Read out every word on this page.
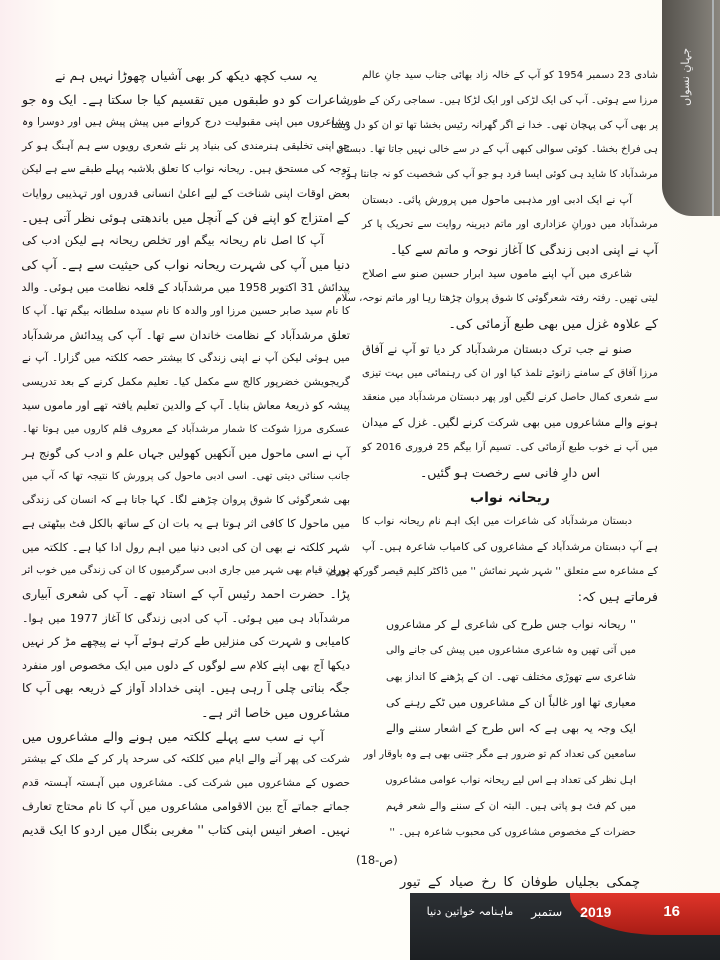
جہانِ نسواں
یہ سب کچھ دیکھ کر بھی آشیاں چھوڑا نہیں ہم نے
شاعرات کو دو طبقوں میں تقسیم کیا جا سکتا ہے۔ ایک وہ جو
مشاعروں میں اپنی مقبولیت درج کروانے میں پیش پیش ہیں اور دوسرا وہ
جو اپنی تخلیقی ہنرمندی کی بنیاد پر نئے شعری رویوں سے ہم آہنگ ہو کر
توجہ کی مستحق ہیں۔ ریحانہ نواب کا تعلق بلاشبہ پہلے طبقے سے ہے لیکن
بعض اوقات اپنی شناخت کے لیے اعلیٰ انسانی قدروں اور تہذیبی روایات
کے امتزاج کو اپنے فن کے آنچل میں باندھتی ہوئی نظر آتی ہیں۔
آپ کا اصل نام ریحانہ بیگم اور تخلص ریحانہ ہے لیکن ادب کی
دنیا میں آپ کی شہرت ریحانہ نواب کی حیثیت سے ہے۔ آپ کی
پیدائش 31 اکتوبر 1958 میں مرشدآباد کے قلعہ نظامت میں ہوئی۔ والد
کا نام سید صابر حسین مرزا اور والدہ کا نام سیدہ سلطانہ بیگم تھا۔ آپ کا
تعلق مرشدآباد کے نظامت خاندان سے تھا۔ آپ کی پیدائش مرشدآباد
میں ہوئی لیکن آپ نے اپنی زندگی کا بیشتر حصہ کلکتہ میں گزارا۔ آپ نے
گریجویشن خضرپور کالج سے مکمل کیا۔ تعلیم مکمل کرنے کے بعد تدریسی
پیشہ کو ذریعۂ معاش بنایا۔ آپ کے والدین تعلیم یافتہ تھے اور ماموں سید
عسکری مرزا شوکت کا شمار مرشدآباد کے معروف قلم کاروں میں ہوتا تھا۔
آپ نے اسی ماحول میں آنکھیں کھولیں جہاں علم و ادب کی گونج ہر
جانب سنائی دیتی تھی۔ اسی ادبی ماحول کی پرورش کا نتیجہ تھا کہ آپ میں
بھی شعرگوئی کا شوق پروان چڑھنے لگا۔ کہا جاتا ہے کہ انسان کی زندگی
میں ماحول کا کافی اثر ہوتا ہے یہ بات ان کے ساتھ بالکل فٹ بیٹھتی ہے
شہر کلکتہ نے بھی ان کی ادبی دنیا میں اہم رول ادا کیا ہے۔ کلکتہ میں
دورانِ قیام بھی شہر میں جاری ادبی سرگرمیوں کا ان کی زندگی میں خوب اثر
پڑا۔ حضرت احمد رئیس آپ کے استاد تھے۔ آپ کی شعری آبیاری
مرشدآباد ہی میں ہوئی۔ آپ کی ادبی زندگی کا آغاز 1977 میں ہوا۔
کامیابی و شہرت کی منزلیں طے کرتے ہوئے آپ نے پیچھے مڑ کر نہیں
دیکھا آج بھی اپنے کلام سے لوگوں کے دلوں میں ایک مخصوص اور منفرد
جگہ بناتی چلی آ رہی ہیں۔ اپنی خداداد آواز کے ذریعہ بھی آپ کا
مشاعروں میں خاصا اثر ہے۔
آپ نے سب سے پہلے کلکتہ میں ہونے والے مشاعروں میں
شرکت کی پھر آنے والے ایام میں کلکتہ کی سرحد پار کر کے ملک کے بیشتر
حصوں کے مشاعروں میں شرکت کی۔ مشاعروں میں آہستہ آہستہ قدم
جماتے جماتے آج بین الاقوامی مشاعروں میں آپ کا نام محتاج تعارف
نہیں۔ اصغر انیس اپنی کتاب '' مغربی بنگال میں اردو کا ایک قدیم
شادی 23 دسمبر 1954 کو آپ کے خالہ زاد بھائی جناب سید جانِ عالم
مرزا سے ہوئی۔ آپ کی ایک لڑکی اور ایک لڑکا ہیں۔ سماجی رکن کے طور
پر بھی آپ کی پہچان تھی۔ خدا نے اگر گھرانہ رئیس بخشا تھا تو ان کو دل ویسا
ہی فراخ بخشا۔ کوئی سوالی کبھی آپ کے در سے خالی نہیں جاتا تھا۔ دبستان
مرشدآباد کا شاید ہی کوئی ایسا فرد ہو جو آپ کی شخصیت کو نہ جانتا ہو۔
آپ نے ایک ادبی اور مذہبی ماحول میں پرورش پائی۔ دبستان
مرشدآباد میں دورانِ عزاداری اور ماتم دیرینہ روایت سے تحریک پا کر
آپ نے اپنی ادبی زندگی کا آغاز نوحہ و ماتم سے کیا۔
شاعری میں آپ اپنے ماموں سید ابرار حسین صنو سے اصلاح
لیتی تھیں۔ رفتہ رفتہ شعرگوئی کا شوق پروان چڑھتا رہا اور ماتم نوحہ، سلام
کے علاوہ غزل میں بھی طبع آزمائی کی۔
صنو نے جب ترک دبستان مرشدآباد کر دیا تو آپ نے آفاق
مرزا آفاق کے سامنے زانوئے تلمذ کیا اور ان کی رہنمائی میں بہت تیزی
سے شعری کمال حاصل کرنے لگیں اور پھر دبستان مرشدآباد میں منعقد
ہونے والے مشاعروں میں بھی شرکت کرنے لگیں۔ غزل کے میدان
میں آپ نے خوب طبع آزمائی کی۔ تسیم آرا بیگم 25 فروری 2016 کو
اس دارِ فانی سے رخصت ہو گئیں۔
ریحانہ نواب
دبستان مرشدآباد کی شاعرات میں ایک اہم نام ریحانہ نواب کا
ہے آپ دبستان مرشدآباد کے مشاعروں کی کامیاب شاعرہ ہیں۔ آپ
کے مشاعرہ سے متعلق '' شہر شہر نمائش '' میں ڈاکٹر کلیم قیصر گورکھ پوری
فرماتے ہیں کہ:
'' ریحانہ نواب جس طرح کی شاعری لے کر مشاعروں
میں آتی تھیں وہ شاعری مشاعروں میں پیش کی جانے والی
شاعری سے تھوڑی مختلف تھی۔ ان کے پڑھنے کا انداز بھی
معیاری تھا اور غالباً ان کے مشاعروں میں ٹکے رہنے کی
ایک وجہ یہ بھی ہے کہ اس طرح کے اشعار سننے والے
سامعین کی تعداد کم تو ضرور ہے مگر جتنی بھی ہے وہ باوقار اور
اہل نظر کی تعداد ہے اس لیے ریحانہ نواب عوامی مشاعروں
میں کم فٹ ہو پاتی ہیں۔ البتہ ان کے سننے والے شعر فہم
حضرات کے مخصوص مشاعروں کی محبوب شاعرہ ہیں۔ ''
(ص-18)
چمکی بجلیاں طوفان کا رخ صیاد کے تیور
16
2019
ستمبر
ماہنامہ خواتین دنیا
